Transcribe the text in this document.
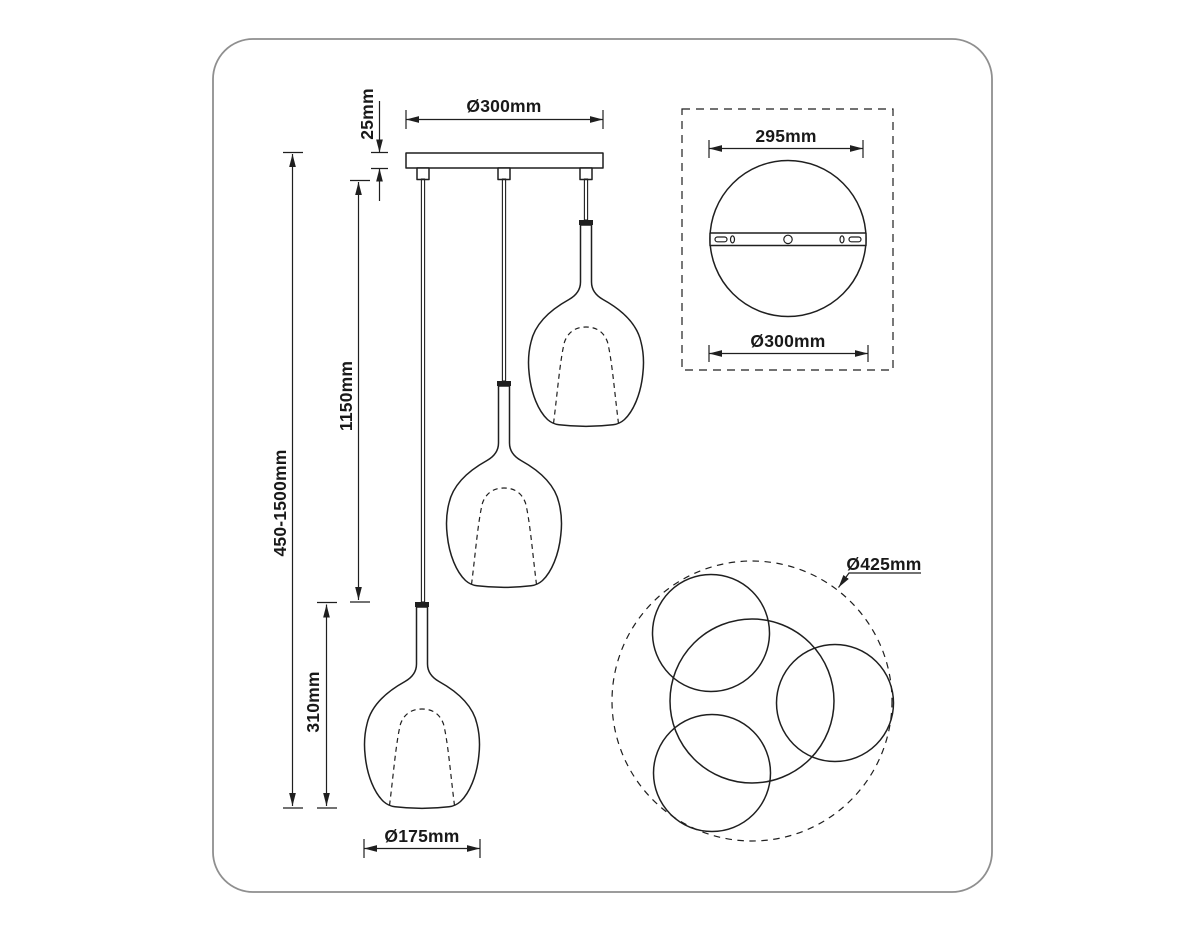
Ø300mm
25mm
450-1500mm
1150mm
310mm
Ø175mm
295mm
Ø300mm
Ø425mm
